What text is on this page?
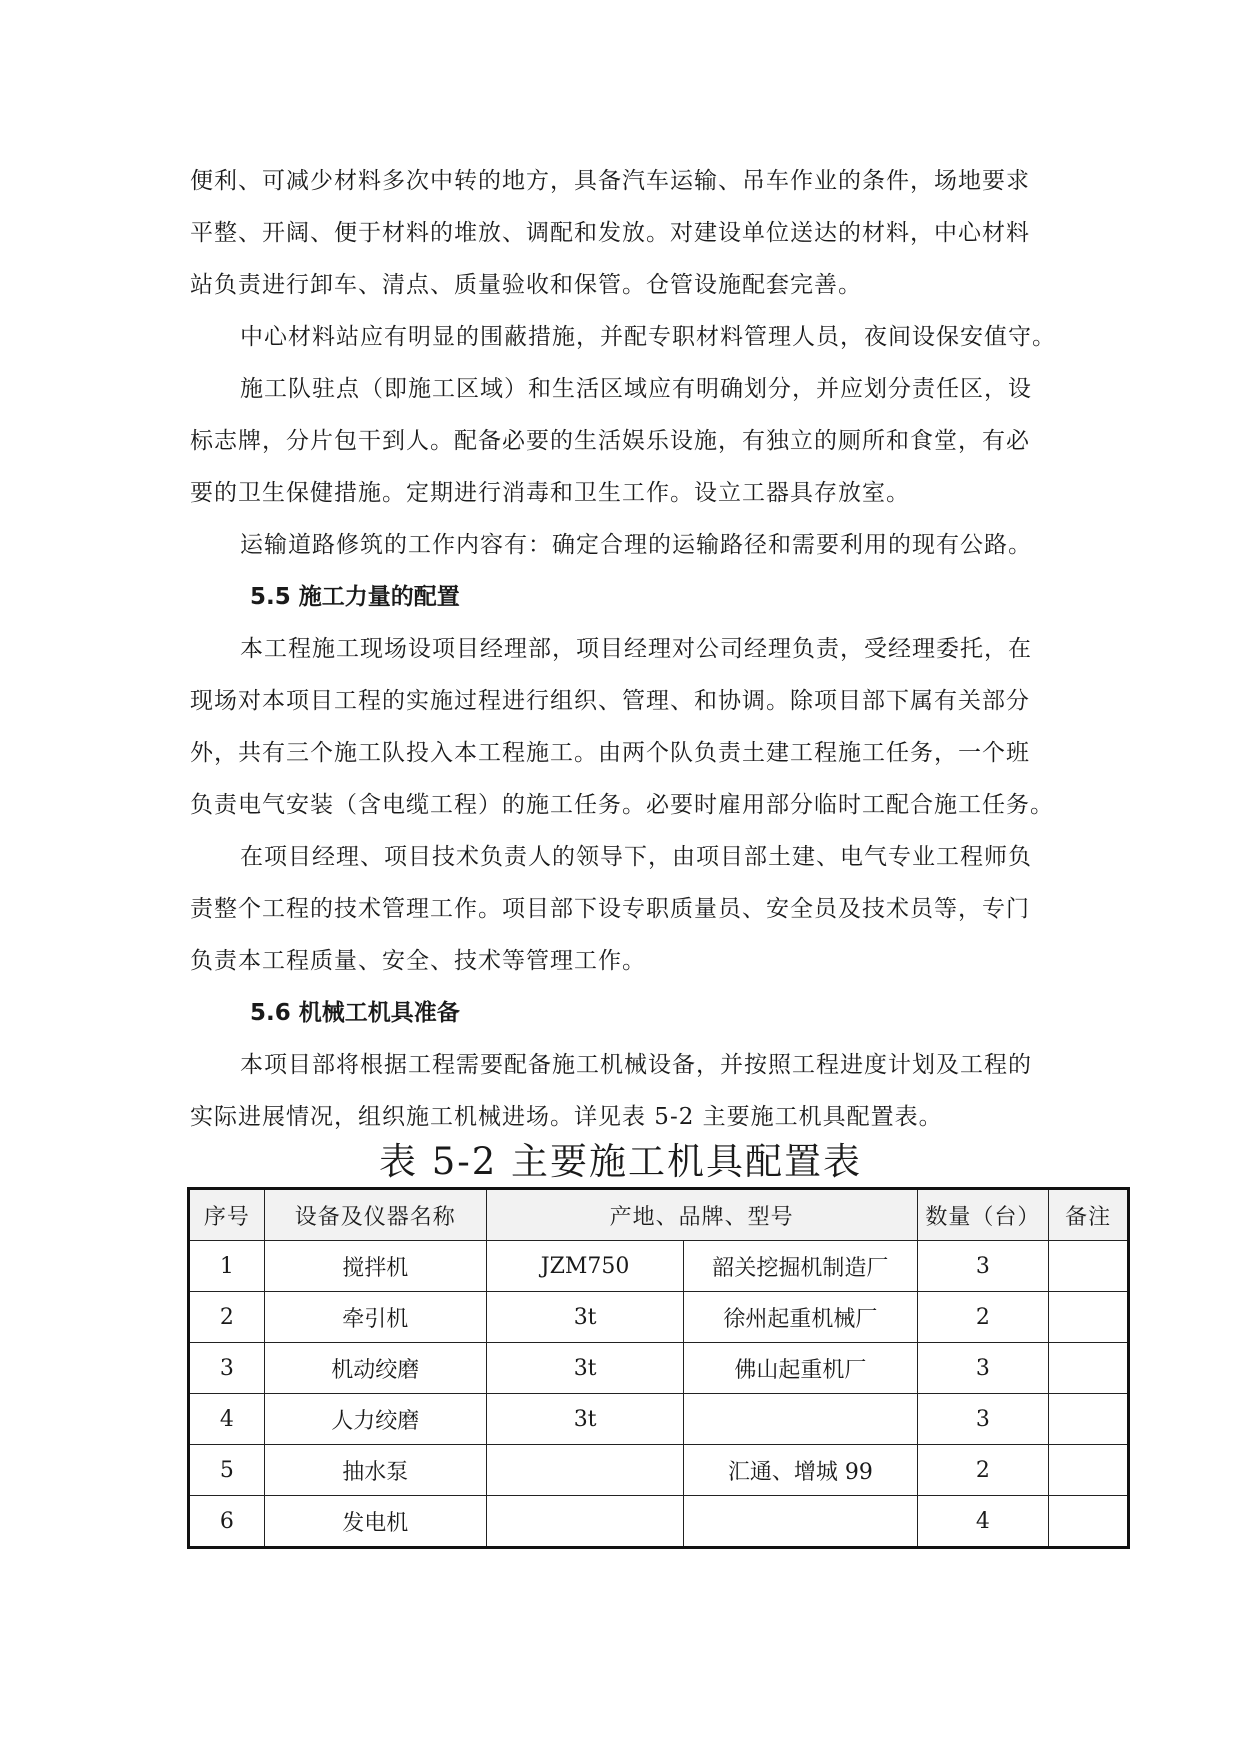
便利、可减少材料多次中转的地方，具备汽车运输、吊车作业的条件，场地要求
平整、开阔、便于材料的堆放、调配和发放。对建设单位送达的材料，中心材料
站负责进行卸车、清点、质量验收和保管。仓管设施配套完善。
中心材料站应有明显的围蔽措施，并配专职材料管理人员，夜间设保安值守。
施工队驻点（即施工区域）和生活区域应有明确划分，并应划分责任区，设
标志牌，分片包干到人。配备必要的生活娱乐设施，有独立的厕所和食堂，有必
要的卫生保健措施。定期进行消毒和卫生工作。设立工器具存放室。
运输道路修筑的工作内容有：确定合理的运输路径和需要利用的现有公路。
5.5 施工力量的配置
本工程施工现场设项目经理部，项目经理对公司经理负责，受经理委托，在
现场对本项目工程的实施过程进行组织、管理、和协调。除项目部下属有关部分
外，共有三个施工队投入本工程施工。由两个队负责土建工程施工任务，一个班
负责电气安装（含电缆工程）的施工任务。必要时雇用部分临时工配合施工任务。
在项目经理、项目技术负责人的领导下，由项目部土建、电气专业工程师负
责整个工程的技术管理工作。项目部下设专职质量员、安全员及技术员等，专门
负责本工程质量、安全、技术等管理工作。
5.6 机械工机具准备
本项目部将根据工程需要配备施工机械设备，并按照工程进度计划及工程的
实际进展情况，组织施工机械进场。详见表 5-2 主要施工机具配置表。
表 5-2 主要施工机具配置表
序号	设备及仪器名称	产地、品牌、型号		数量（台）	备注
1	搅拌机	JZM750	韶关挖掘机制造厂	3	
2	牵引机	3t	徐州起重机械厂	2	
3	机动绞磨	3t	佛山起重机厂	3	
4	人力绞磨	3t		3	
5	抽水泵		汇通、增城 99	2	
6	发电机			4	
